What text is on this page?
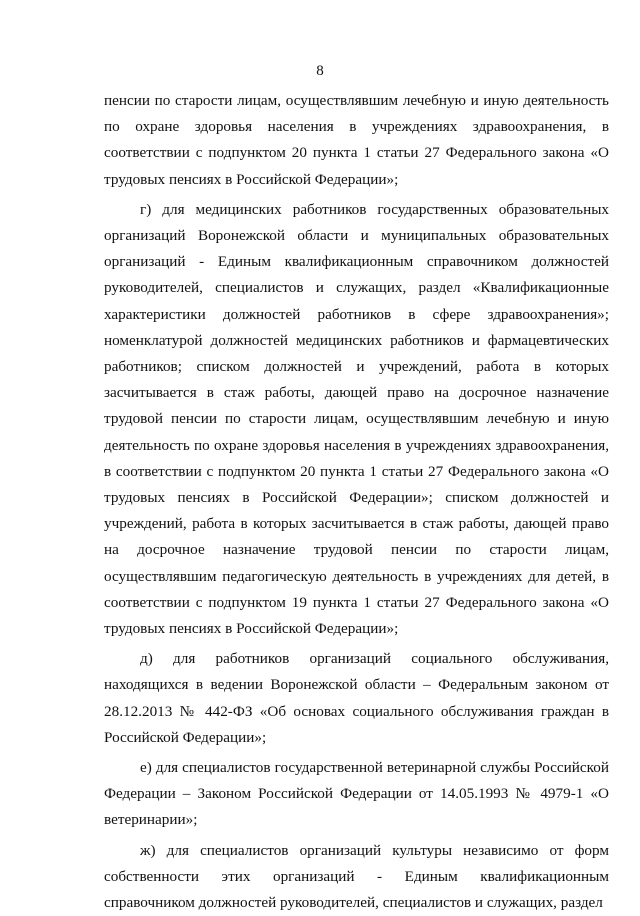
8

пенсии по старости лицам, осуществлявшим лечебную и иную деятельность по охране здоровья населения в учреждениях здравоохранения, в соответствии с подпунктом 20 пункта 1 статьи 27 Федерального закона «О трудовых пенсиях в Российской Федерации»;

г) для медицинских работников государственных образовательных организаций Воронежской области и муниципальных образовательных организаций - Единым квалификационным справочником должностей руководителей, специалистов и служащих, раздел «Квалификационные характеристики должностей работников в сфере здравоохранения»; номенклатурой должностей медицинских работников и фармацевтических работников; списком должностей и учреждений, работа в которых засчитывается в стаж работы, дающей право на досрочное назначение трудовой пенсии по старости лицам, осуществлявшим лечебную и иную деятельность по охране здоровья населения в учреждениях здравоохранения, в соответствии с подпунктом 20 пункта 1 статьи 27 Федерального закона «О трудовых пенсиях в Российской Федерации»; списком должностей и учреждений, работа в которых засчитывается в стаж работы, дающей право на досрочное назначение трудовой пенсии по старости лицам, осуществлявшим педагогическую деятельность в учреждениях для детей, в соответствии с подпунктом 19 пункта 1 статьи 27 Федерального закона «О трудовых пенсиях в Российской Федерации»;

д) для работников организаций социального обслуживания, находящихся в ведении Воронежской области – Федеральным законом от 28.12.2013 № 442-ФЗ «Об основах социального обслуживания граждан в Российской Федерации»;

е) для специалистов государственной ветеринарной службы Российской Федерации – Законом Российской Федерации от 14.05.1993 № 4979-1 «О ветеринарии»;

ж) для специалистов организаций культуры независимо от форм собственности этих организаций - Единым квалификационным справочником должностей руководителей, специалистов и служащих, раздел
